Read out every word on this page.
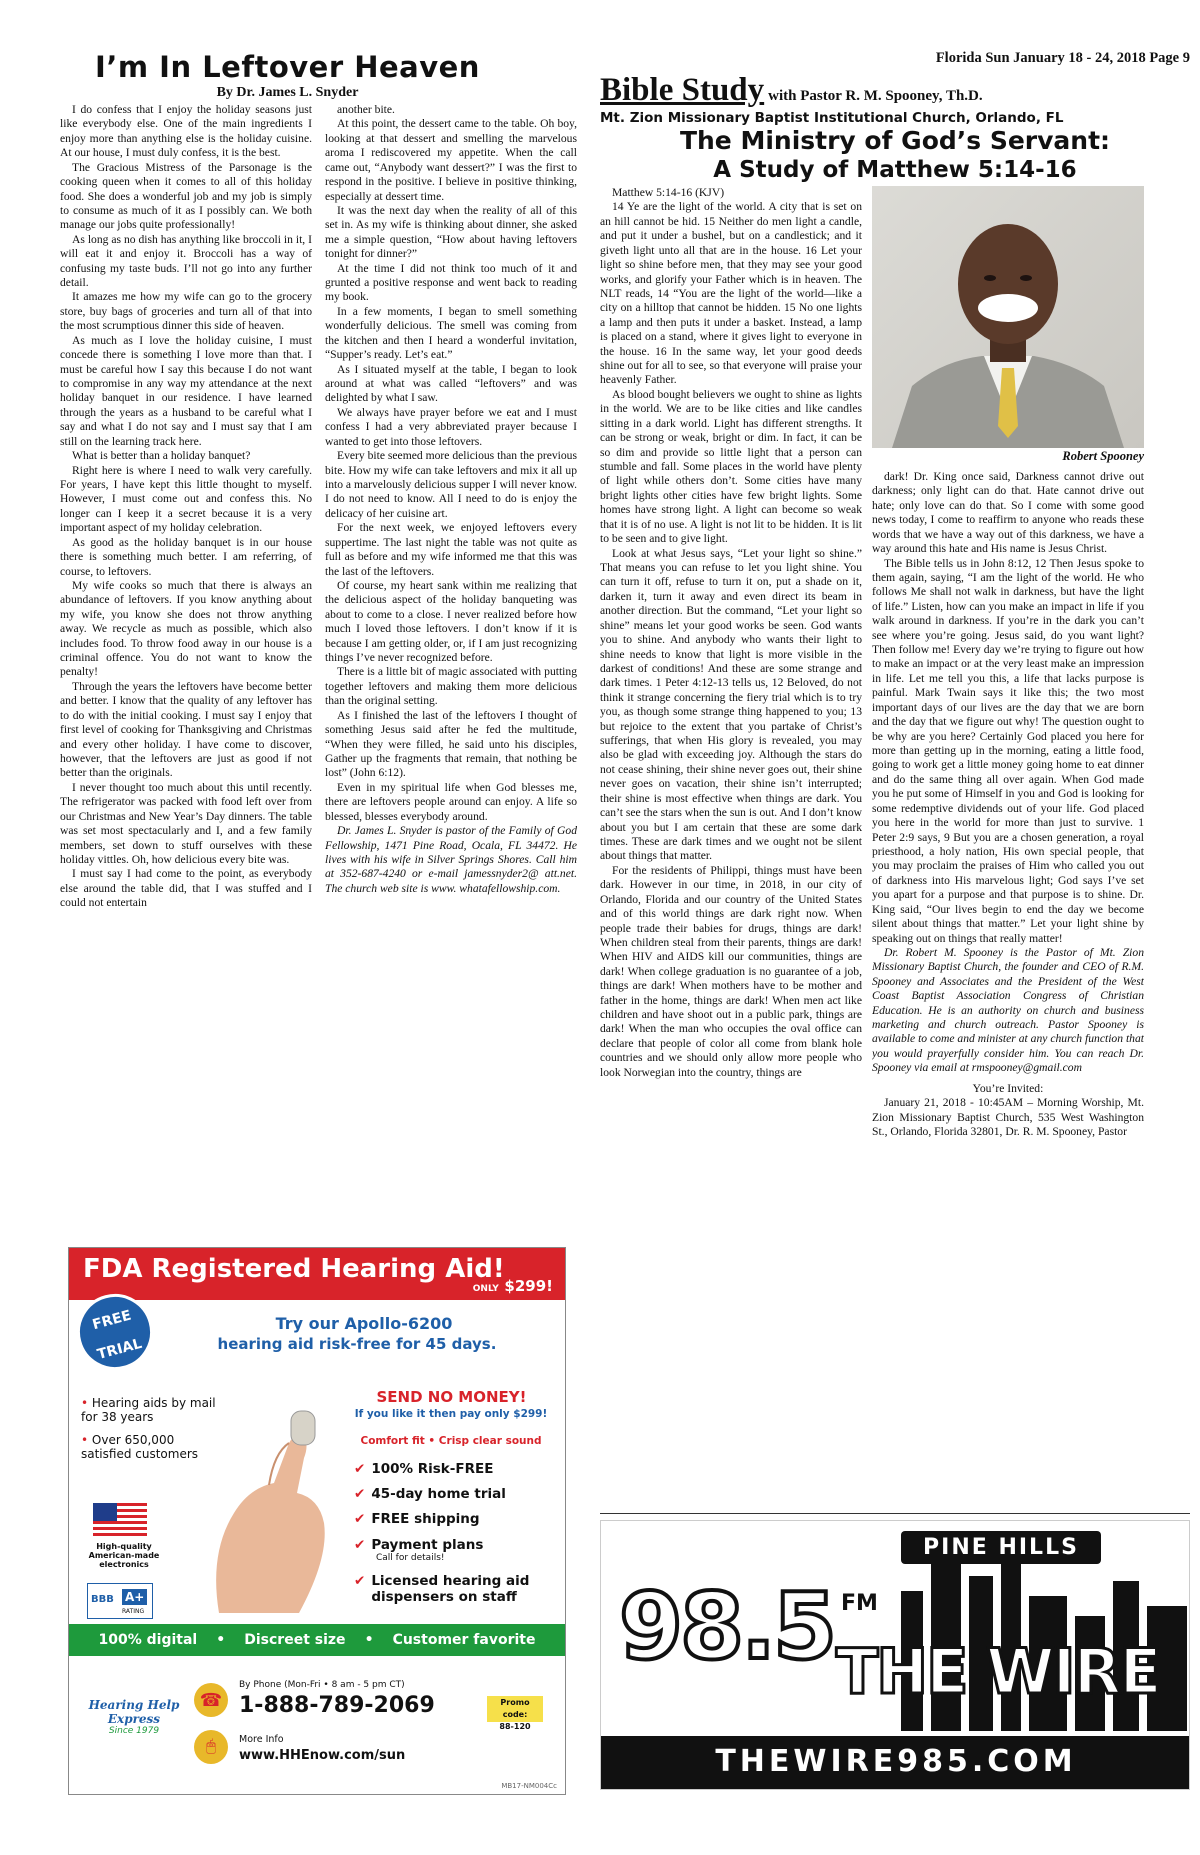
Florida Sun January 18 - 24, 2018 Page 9
I’m In Leftover Heaven
By Dr. James L. Snyder

I do confess that I enjoy the holiday seasons just like everybody else. One of the main ingredients I enjoy more than anything else is the holiday cuisine. At our house, I must duly confess, it is the best.

The Gracious Mistress of the Parsonage is the cooking queen when it comes to all of this holiday food. She does a wonderful job and my job is simply to consume as much of it as I possibly can. We both manage our jobs quite professionally!

As long as no dish has anything like broccoli in it, I will eat it and enjoy it. Broccoli has a way of confusing my taste buds. I’ll not go into any further detail.

It amazes me how my wife can go to the grocery store, buy bags of groceries and turn all of that into the most scrumptious dinner this side of heaven.

As much as I love the holiday cuisine, I must concede there is something I love more than that. I must be careful how I say this because I do not want to compromise in any way my attendance at the next holiday banquet in our residence. I have learned through the years as a husband to be careful what I say and what I do not say and I must say that I am still on the learning track here.

What is better than a holiday banquet?

Right here is where I need to walk very carefully. For years, I have kept this little thought to myself. However, I must come out and confess this. No longer can I keep it a secret because it is a very important aspect of my holiday celebration.

As good as the holiday banquet is in our house there is something much better. I am referring, of course, to leftovers.

My wife cooks so much that there is always an abundance of leftovers. If you know anything about my wife, you know she does not throw anything away. We recycle as much as possible, which also includes food. To throw food away in our house is a criminal offence. You do not want to know the penalty!

Through the years the leftovers have become better and better. I know that the quality of any leftover has to do with the initial cooking. I must say I enjoy that first level of cooking for Thanksgiving and Christmas and every other holiday. I have come to discover, however, that the leftovers are just as good if not better than the originals.

I never thought too much about this until recently. The refrigerator was packed with food left over from our Christmas and New Year’s Day dinners. The table was set most spectacularly and I, and a few family members, set down to stuff ourselves with these holiday vittles. Oh, how delicious every bite was.

I must say I had come to the point, as everybody else around the table did, that I was stuffed and I could not entertain

another bite.

At this point, the dessert came to the table. Oh boy, looking at that dessert and smelling the marvelous aroma I rediscovered my appetite. When the call came out, “Anybody want dessert?” I was the first to respond in the positive. I believe in positive thinking, especially at dessert time.

It was the next day when the reality of all of this set in. As my wife is thinking about dinner, she asked me a simple question, “How about having leftovers tonight for dinner?”

At the time I did not think too much of it and grunted a positive response and went back to reading my book.

In a few moments, I began to smell something wonderfully delicious. The smell was coming from the kitchen and then I heard a wonderful invitation, “Supper’s ready. Let’s eat.”

As I situated myself at the table, I began to look around at what was called “leftovers” and was delighted by what I saw.

We always have prayer before we eat and I must confess I had a very abbreviated prayer because I wanted to get into those leftovers.

Every bite seemed more delicious than the previous bite. How my wife can take leftovers and mix it all up into a marvelously delicious supper I will never know. I do not need to know. All I need to do is enjoy the delicacy of her cuisine art.

For the next week, we enjoyed leftovers every suppertime. The last night the table was not quite as full as before and my wife informed me that this was the last of the leftovers.

Of course, my heart sank within me realizing that the delicious aspect of the holiday banqueting was about to come to a close. I never realized before how much I loved those leftovers. I don’t know if it is because I am getting older, or, if I am just recognizing things I’ve never recognized before.

There is a little bit of magic associated with putting together leftovers and making them more delicious than the original setting.

As I finished the last of the leftovers I thought of something Jesus said after he fed the multitude, “When they were filled, he said unto his disciples, Gather up the fragments that remain, that nothing be lost” (John 6:12).

Even in my spiritual life when God blesses me, there are leftovers people around can enjoy. A life so blessed, blesses everybody around.

Dr. James L. Snyder is pastor of the Family of God Fellowship, 1471 Pine Road, Ocala, FL 34472. He lives with his wife in Silver Springs Shores. Call him at 352-687-4240 or e-mail jamessnyder2@ att.net. The church web site is www. whatafellowship.com.

Bible Study with Pastor R. M. Spooney, Th.D.
Mt. Zion Missionary Baptist Institutional Church, Orlando, FL
The Ministry of God’s Servant:
A Study of Matthew 5:14-16
Robert Spooney

Matthew 5:14-16 (KJV)

14 Ye are the light of the world. A city that is set on an hill cannot be hid. 15 Neither do men light a candle, and put it under a bushel, but on a candlestick; and it giveth light unto all that are in the house. 16 Let your light so shine before men, that they may see your good works, and glorify your Father which is in heaven. The NLT reads, 14 “You are the light of the world—like a city on a hilltop that cannot be hidden. 15 No one lights a lamp and then puts it under a basket. Instead, a lamp is placed on a stand, where it gives light to everyone in the house. 16 In the same way, let your good deeds shine out for all to see, so that everyone will praise your heavenly Father.

As blood bought believers we ought to shine as lights in the world. We are to be like cities and like candles sitting in a dark world. Light has different strengths. It can be strong or weak, bright or dim. In fact, it can be so dim and provide so little light that a person can stumble and fall. Some places in the world have plenty of light while others don’t. Some cities have many bright lights other cities have few bright lights. Some homes have strong light. A light can become so weak that it is of no use. A light is not lit to be hidden. It is lit to be seen and to give light.

Look at what Jesus says, “Let your light so shine.” That means you can refuse to let you light shine. You can turn it off, refuse to turn it on, put a shade on it, darken it, turn it away and even direct its beam in another direction. But the command, “Let your light so shine” means let your good works be seen. God wants you to shine. And anybody who wants their light to shine needs to know that light is more visible in the darkest of conditions! And these are some strange and dark times. 1 Peter 4:12-13 tells us, 12 Beloved, do not think it strange concerning the fiery trial which is to try you, as though some strange thing happened to you; 13 but rejoice to the extent that you partake of Christ’s sufferings, that when His glory is revealed, you may also be glad with exceeding joy. Although the stars do not cease shining, their shine never goes out, their shine never goes on vacation, their shine isn’t interrupted; their shine is most effective when things are dark. You can’t see the stars when the sun is out. And I don’t know about you but I am certain that these are some dark times. These are dark times and we ought not be silent about things that matter.

For the residents of Philippi, things must have been dark. However in our time, in 2018, in our city of Orlando, Florida and our country of the United States and of this world things are dark right now. When people trade their babies for drugs, things are dark! When children steal from their parents, things are dark! When HIV and AIDS kill our communities, things are dark! When college graduation is no guarantee of a job, things are dark! When mothers have to be mother and father in the home, things are dark! When men act like children and have shoot out in a public park, things are dark! When the man who occupies the oval office can declare that people of color all come from blank hole countries and we should only allow more people who look Norwegian into the country, things are

dark! Dr. King once said, Darkness cannot drive out darkness; only light can do that. Hate cannot drive out hate; only love can do that. So I come with some good news today, I come to reaffirm to anyone who reads these words that we have a way out of this darkness, we have a way around this hate and His name is Jesus Christ.

The Bible tells us in John 8:12, 12 Then Jesus spoke to them again, saying, “I am the light of the world. He who follows Me shall not walk in darkness, but have the light of life.” Listen, how can you make an impact in life if you walk around in darkness. If you’re in the dark you can’t see where you’re going. Jesus said, do you want light? Then follow me! Every day we’re trying to figure out how to make an impact or at the very least make an impression in life. Let me tell you this, a life that lacks purpose is painful. Mark Twain says it like this; the two most important days of our lives are the day that we are born and the day that we figure out why! The question ought to be why are you here? Certainly God placed you here for more than getting up in the morning, eating a little food, going to work get a little money going home to eat dinner and do the same thing all over again. When God made you he put some of Himself in you and God is looking for some redemptive dividends out of your life. God placed you here in the world for more than just to survive. 1 Peter 2:9 says, 9 But you are a chosen generation, a royal priesthood, a holy nation, His own special people, that you may proclaim the praises of Him who called you out of darkness into His marvelous light; God says I’ve set you apart for a purpose and that purpose is to shine. Dr. King said, “Our lives begin to end the day we become silent about things that matter.” Let your light shine by speaking out on things that really matter!

Dr. Robert M. Spooney is the Pastor of Mt. Zion Missionary Baptist Church, the founder and CEO of R.M. Spooney and Associates and the President of the West Coast Baptist Association Congress of Christian Education. He is an authority on church and business marketing and church outreach. Pastor Spooney is available to come and minister at any church function that you would prayerfully consider him. You can reach Dr. Spooney via email at rmspooney@gmail.com

You’re Invited:

January 21, 2018 - 10:45AM – Morning Worship, Mt. Zion Missionary Baptist Church, 535 West Washington St., Orlando, Florida 32801, Dr. R. M. Spooney, Pastor

FDA Registered Hearing Aid!
ONLY $299!
FREE TRIAL
Try our Apollo-6200
hearing aid risk-free for 45 days.
• Hearing aids by mail for 38 years
• Over 650,000 satisfied customers
High-quality American-made electronics
BBB A+
RATING
SEND NO MONEY!
If you like it then pay only $299!
Comfort fit • Crisp clear sound
✔ 100% Risk-FREE
✔ 45-day home trial
✔ FREE shipping
✔ Payment plans
Call for details!
✔ Licensed hearing aid dispensers on staff
100% digital • Discreet size • Customer favorite
Hearing Help Express
Since 1979
☎
By Phone (Mon-Fri • 8 am - 5 pm CT)
1-888-789-2069	Promo code:
88-120
🖱	More Info
www.HHEnow.com/sun
MB17-NM004Cc
PINE HILLS
98.5 FM
THE WIRE
THEWIRE985.COM
